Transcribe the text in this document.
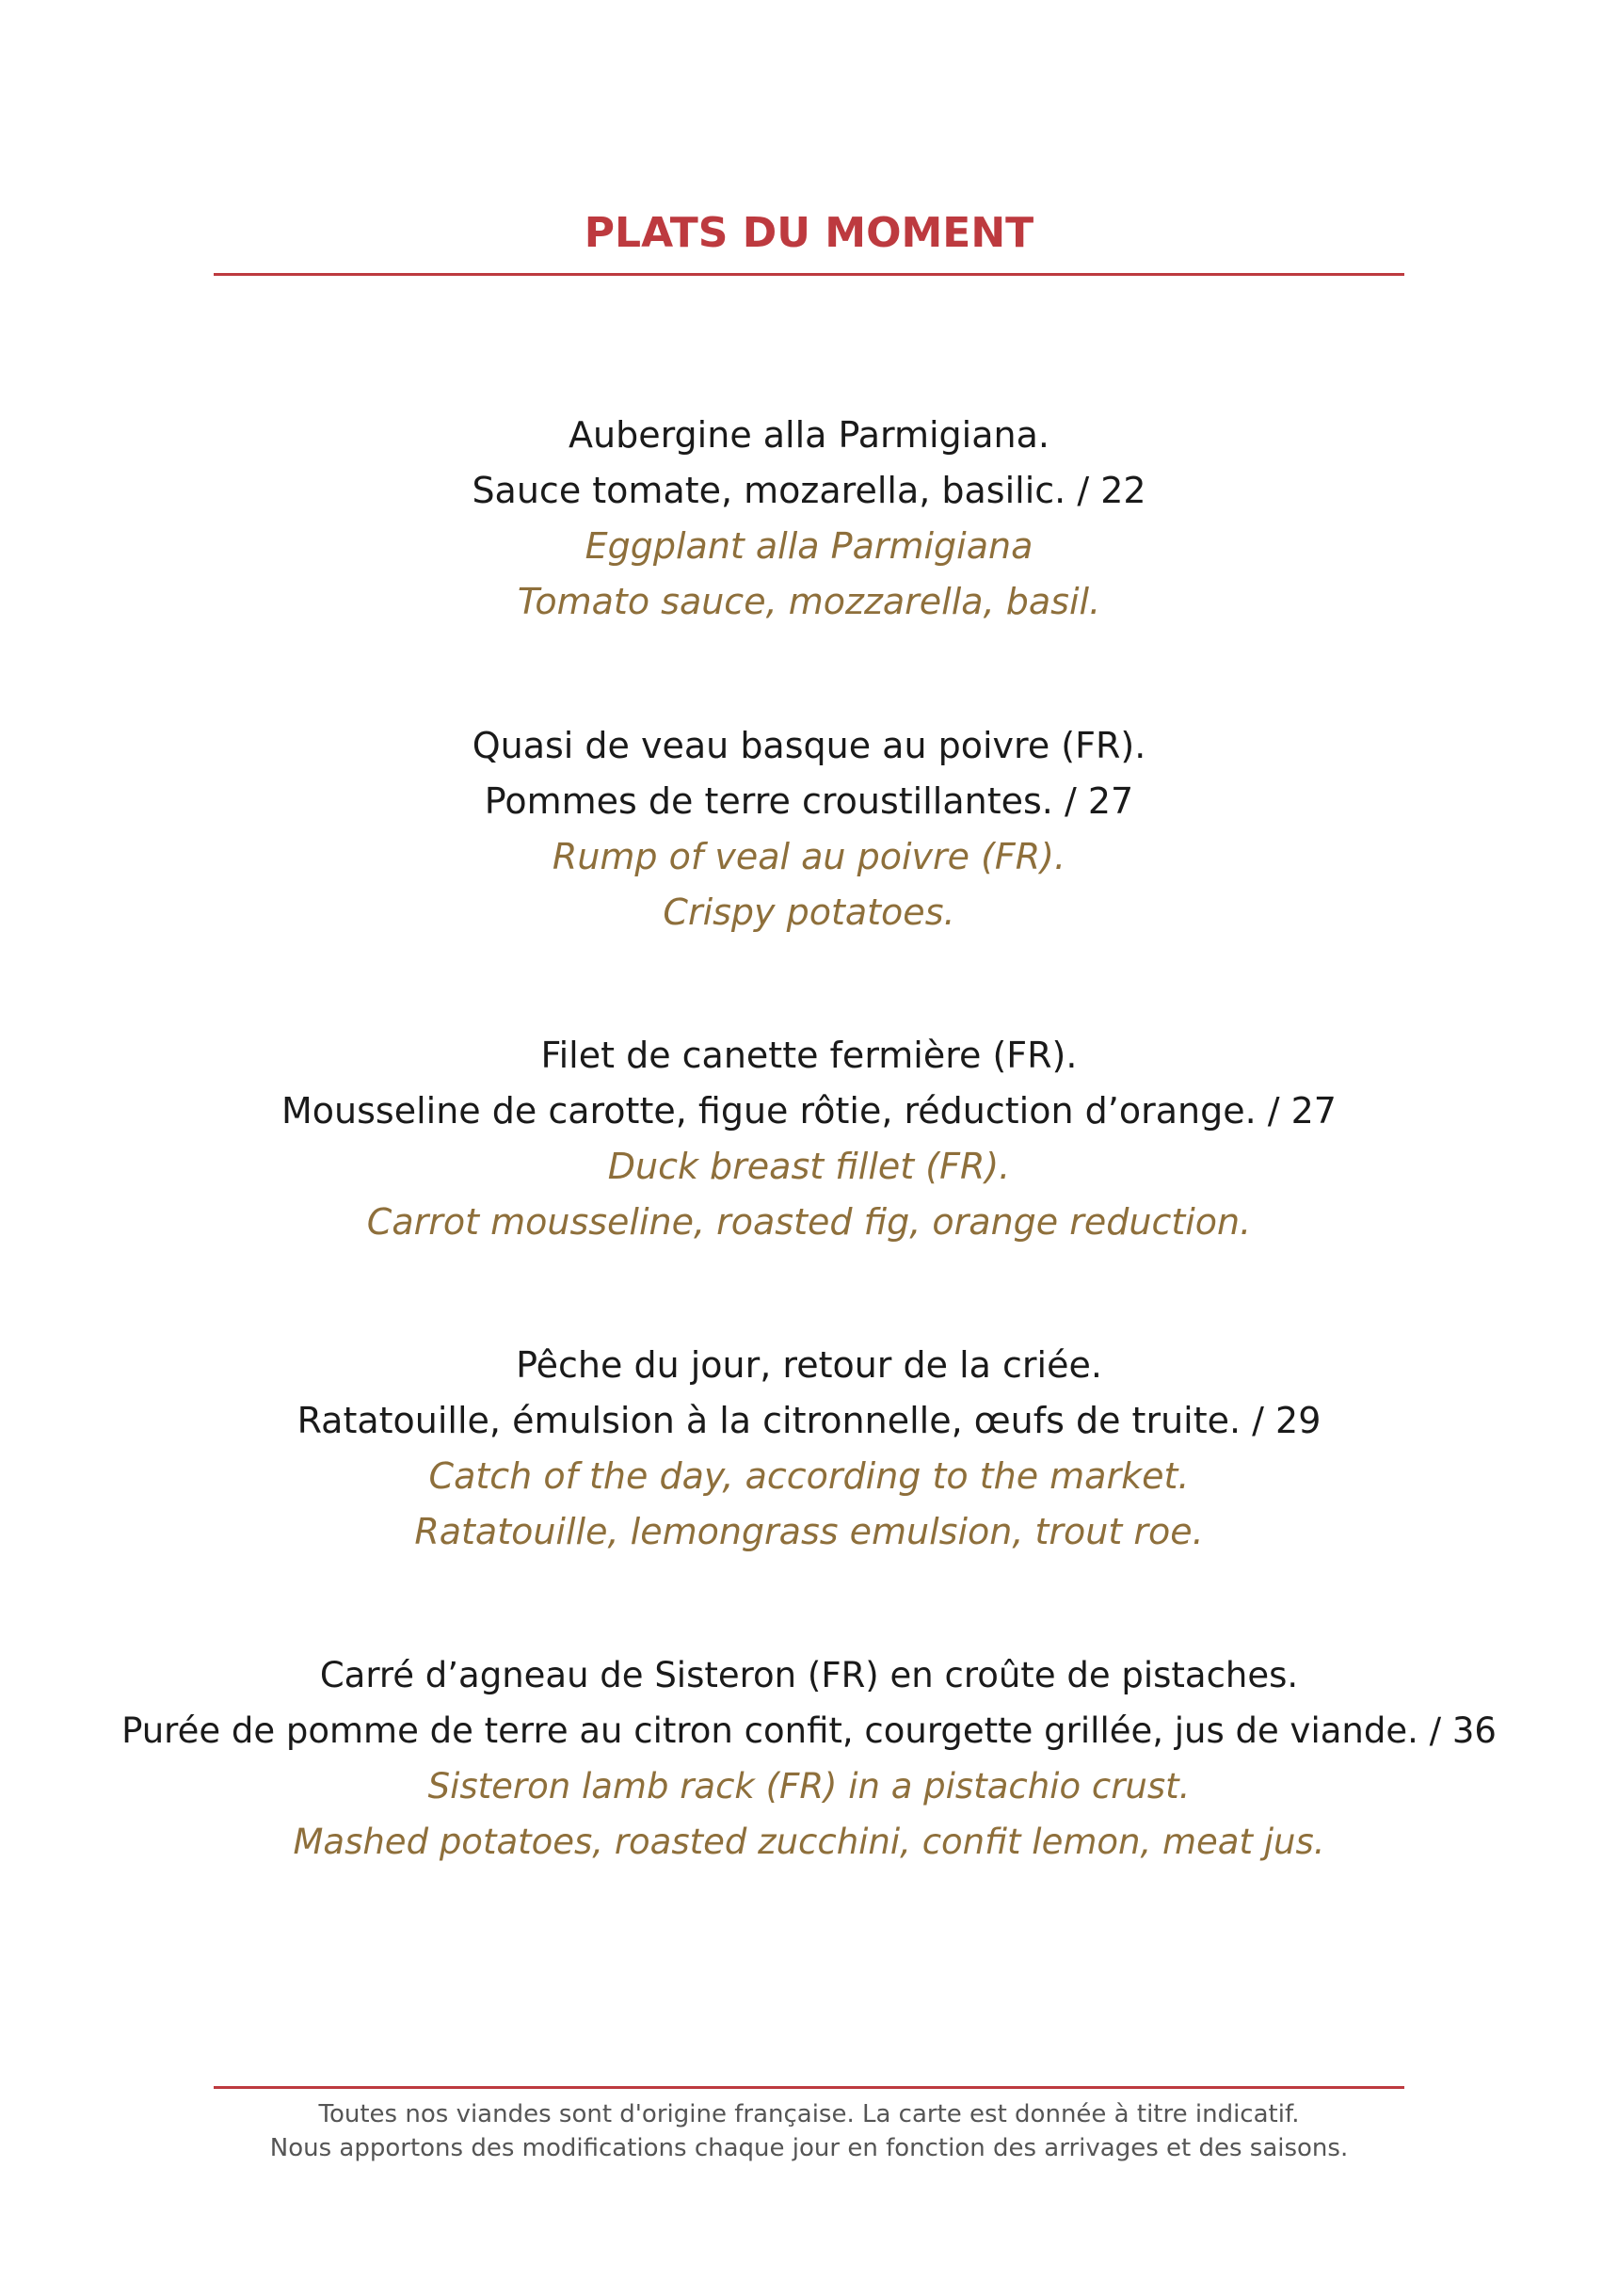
PLATS DU MOMENT
Aubergine alla Parmigiana.
Sauce tomate, mozarella, basilic. / 22
Eggplant alla Parmigiana
Tomato sauce, mozzarella, basil.
Quasi de veau basque au poivre (FR).
Pommes de terre croustillantes. / 27
Rump of veal au poivre (FR).
Crispy potatoes.
Filet de canette fermière (FR).
Mousseline de carotte, figue rôtie, réduction d’orange. / 27
Duck breast fillet (FR).
Carrot mousseline, roasted fig, orange reduction.
Pêche du jour, retour de la criée.
Ratatouille, émulsion à la citronnelle, œufs de truite. / 29
Catch of the day, according to the market.
Ratatouille, lemongrass emulsion, trout roe.
Carré d’agneau de Sisteron (FR) en croûte de pistaches.
Purée de pomme de terre au citron confit, courgette grillée, jus de viande. / 36
Sisteron lamb rack (FR) in a pistachio crust.
Mashed potatoes, roasted zucchini, confit lemon, meat jus.
Toutes nos viandes sont d'origine française. La carte est donnée à titre indicatif.
Nous apportons des modifications chaque jour en fonction des arrivages et des saisons.
